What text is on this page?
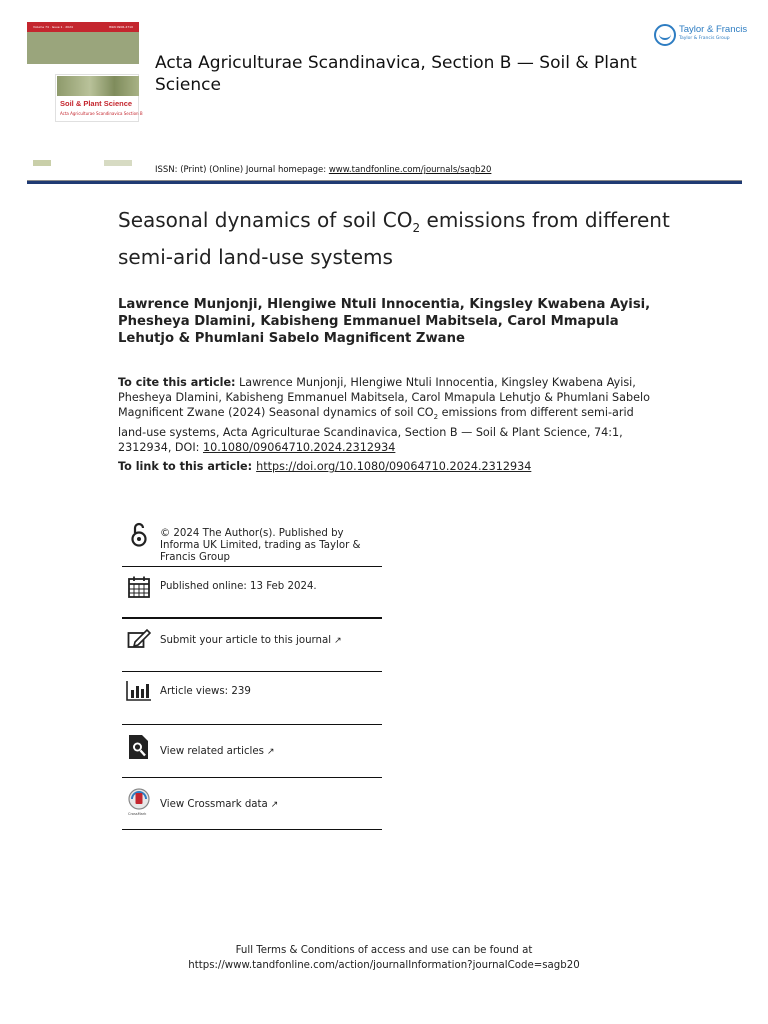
Volume 74 · Issue 1 · 2024	ISSN 0906-4710
Soil & Plant Science
Acta Agriculturae Scandinavica Section B
Acta Agriculturae Scandinavica, Section B — Soil & Plant Science
Taylor & Francis
Taylor & Francis Group
ISSN: (Print) (Online) Journal homepage: www.tandfonline.com/journals/sagb20
Seasonal dynamics of soil $CO_2$ emissions from different semi-arid land-use systems
Lawrence Munjonji, Hlengiwe Ntuli Innocentia, Kingsley Kwabena Ayisi, Phesheya Dlamini, Kabisheng Emmanuel Mabitsela, Carol Mmapula Lehutjo & Phumlani Sabelo Magnificent Zwane
To cite this article: Lawrence Munjonji, Hlengiwe Ntuli Innocentia, Kingsley Kwabena Ayisi, Phesheya Dlamini, Kabisheng Emmanuel Mabitsela, Carol Mmapula Lehutjo & Phumlani Sabelo Magnificent Zwane (2024) Seasonal dynamics of soil $CO_2$ emissions from different semi-arid land-use systems, Acta Agriculturae Scandinavica, Section B — Soil & Plant Science, 74:1, 2312934, DOI: 10.1080/09064710.2024.2312934
To link to this article: https://doi.org/10.1080/09064710.2024.2312934
© 2024 The Author(s). Published by Informa UK Limited, trading as Taylor & Francis Group
Published online: 13 Feb 2024.
Submit your article to this journal ↗
Article views: 239
View related articles ↗
CrossMark
View Crossmark data ↗
Full Terms & Conditions of access and use can be found at
https://www.tandfonline.com/action/journalInformation?journalCode=sagb20
